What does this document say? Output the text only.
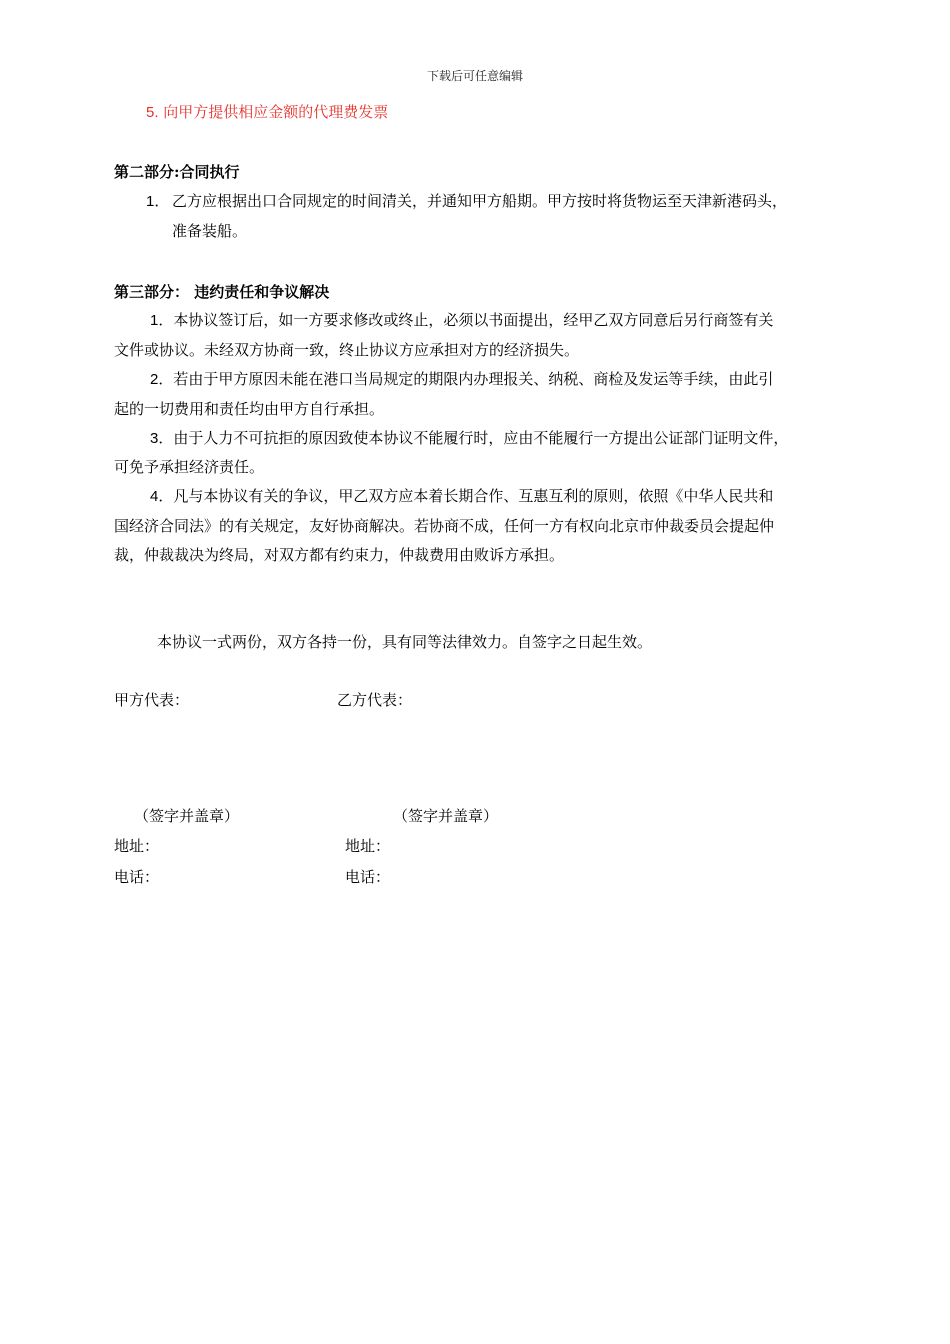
下载后可任意编辑
5. 向甲方提供相应金额的代理费发票
第二部分:合同执行
1． 乙方应根据出口合同规定的时间清关，并通知甲方船期。甲方按时将货物运至天津新港码头，
准备装船。
第三部分： 违约责任和争议解决
1．本协议签订后，如一方要求修改或终止，必须以书面提出，经甲乙双方同意后另行商签有关
文件或协议。未经双方协商一致，终止协议方应承担对方的经济损失。
2．若由于甲方原因未能在港口当局规定的期限内办理报关、纳税、商检及发运等手续，由此引
起的一切费用和责任均由甲方自行承担。
3．由于人力不可抗拒的原因致使本协议不能履行时，应由不能履行一方提出公证部门证明文件，
可免予承担经济责任。
4．凡与本协议有关的争议，甲乙双方应本着长期合作、互惠互利的原则，依照《中华人民共和
国经济合同法》的有关规定，友好协商解决。若协商不成，任何一方有权向北京市仲裁委员会提起仲
裁，仲裁裁决为终局，对双方都有约束力，仲裁费用由败诉方承担。
本协议一式两份，双方各持一份，具有同等法律效力。自签字之日起生效。
甲方代表：	乙方代表：
（签字并盖章）	（签字并盖章）
地址：	地址：
电话：	电话：
